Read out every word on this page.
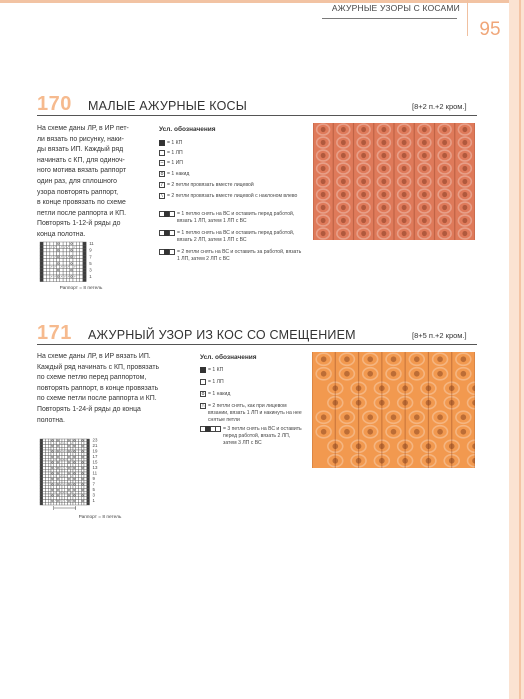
АЖУРНЫЕ УЗОРЫ С КОСАМИ
95
170 МАЛЫЕ АЖУРНЫЕ КОСЫ	[8+2 п.+2 кром.]
На схеме даны ЛР, в ИР пет-
ли вязать по рисунку, наки-
ды вязать ИП. Каждый ряд
начинать с КП, для одиноч-
ного мотива вязать раппорт
один раз, для сплошного
узора повторять раппорт,
в конце провязать по схеме
петли после раппорта и КП.
Повторять 1-12-й ряды до
конца полотна.
Усл. обозначения
= 1 КП
= 1 ЛП
– = 1 ИП
o = 1 накид
/ = 2 петли провязать вместе лицевой
\ = 2 петли провязать вместе лицевой с наклоном влево
= 1 петлю снять на ВС и оставить перед работой, вязать 1 ЛП, затем 1 ЛП с ВС
= 1 петлю снять на ВС и оставить перед работой, вязать 2 ЛП, затем 1 ЛП с ВС
= 2 петли снять на ВС и оставить за работой, вязать 1 ЛП, затем 2 ЛП с ВС
11
9
7
5
3
1
Раппорт = 8 петель
171 АЖУРНЫЙ УЗОР ИЗ КОС СО СМЕЩЕНИЕМ	[8+5 п.+2 кром.]
На схеме даны ЛР, в ИР вязать ИП.
Каждый ряд начинать с КП, провязать
по схеме петлю перед раппортом,
повторять раппорт, в конце провязать
по схеме петли после раппорта и КП.
Повторять 1-24-й ряды до конца
полотна.
Усл. обозначения
= 1 КП
= 1 ЛП
o = 1 накид
∩ = 2 петли снять, как при лицевом вязании, вязать 1 ЛП и накинуть на нее снятые петли
= 3 петли снять на ВС и оставить перед работой, вязать 2 ЛП, затем 3 ЛП с ВС
23
21
19
17
15
13
11
9
7
5
3
1
Раппорт = 8 петель
